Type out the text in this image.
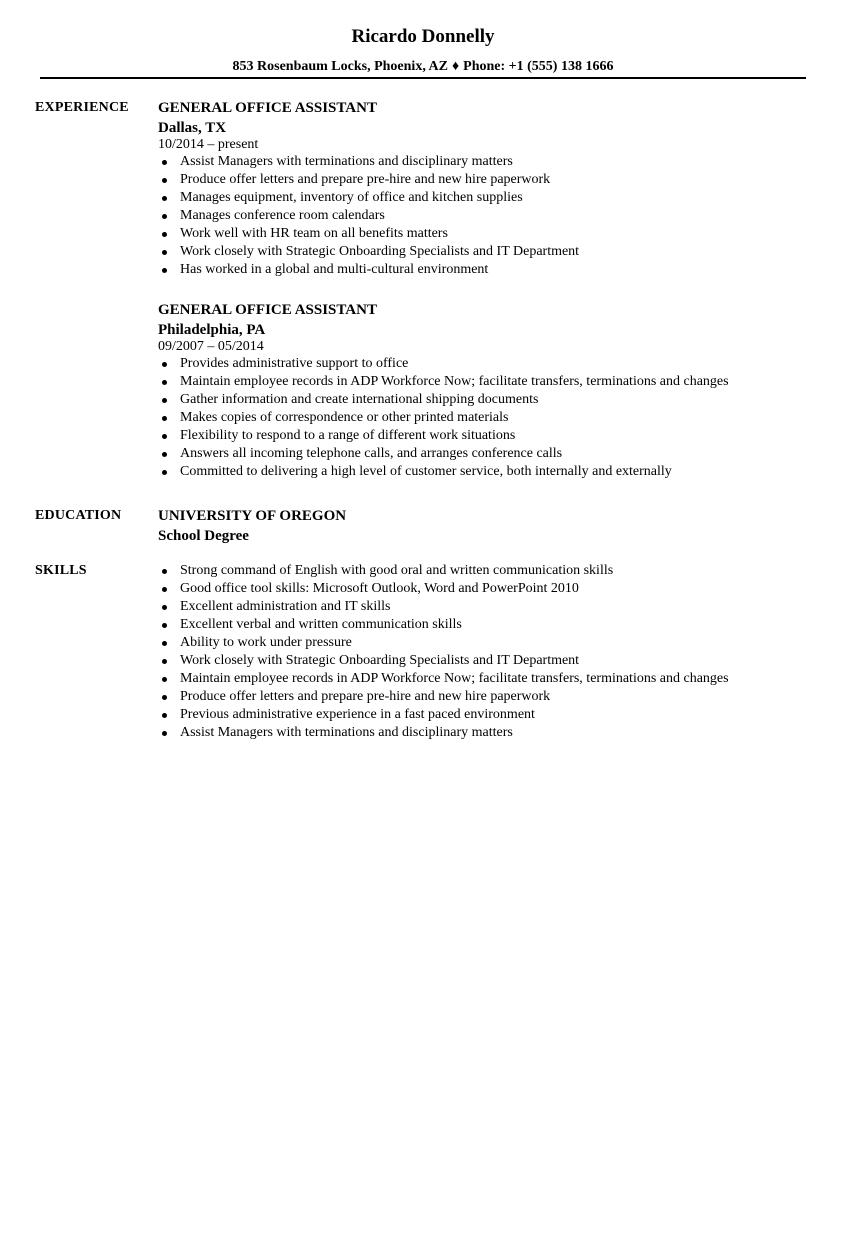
Ricardo Donnelly
853 Rosenbaum Locks, Phoenix, AZ ♦ Phone: +1 (555) 138 1666
EXPERIENCE GENERAL OFFICE ASSISTANT
Dallas, TX
10/2014 – present
Assist Managers with terminations and disciplinary matters
Produce offer letters and prepare pre-hire and new hire paperwork
Manages equipment, inventory of office and kitchen supplies
Manages conference room calendars
Work well with HR team on all benefits matters
Work closely with Strategic Onboarding Specialists and IT Department
Has worked in a global and multi-cultural environment
GENERAL OFFICE ASSISTANT
Philadelphia, PA
09/2007 – 05/2014
Provides administrative support to office
Maintain employee records in ADP Workforce Now; facilitate transfers, terminations and changes
Gather information and create international shipping documents
Makes copies of correspondence or other printed materials
Flexibility to respond to a range of different work situations
Answers all incoming telephone calls, and arranges conference calls
Committed to delivering a high level of customer service, both internally and externally
EDUCATION UNIVERSITY OF OREGON
School Degree
SKILLS	Strong command of English with good oral and written communication skills
Good office tool skills: Microsoft Outlook, Word and PowerPoint 2010
Excellent administration and IT skills
Excellent verbal and written communication skills
Ability to work under pressure
Work closely with Strategic Onboarding Specialists and IT Department
Maintain employee records in ADP Workforce Now; facilitate transfers, terminations and changes
Produce offer letters and prepare pre-hire and new hire paperwork
Previous administrative experience in a fast paced environment
Assist Managers with terminations and disciplinary matters
